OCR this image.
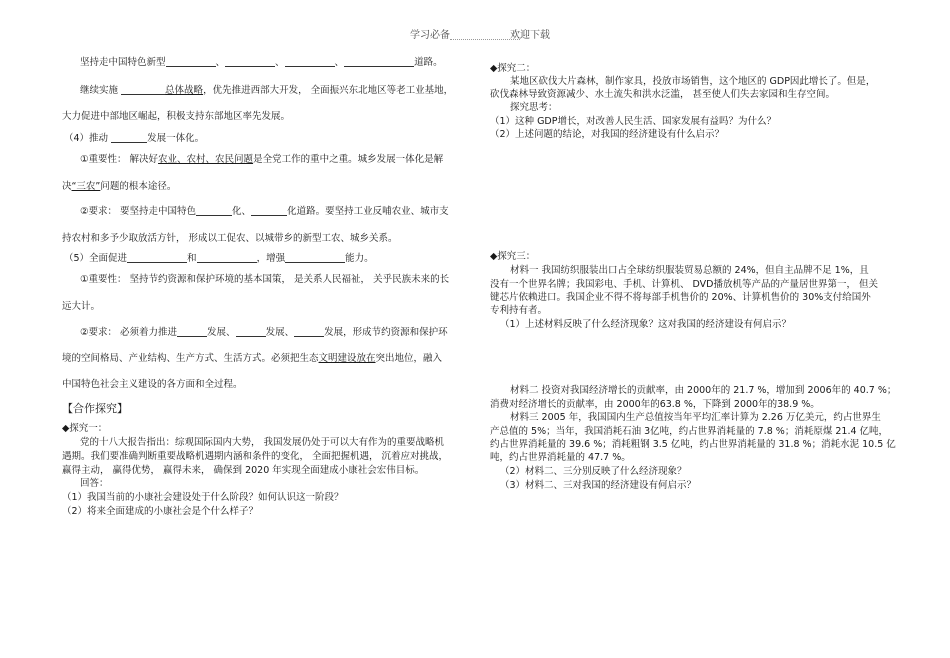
学习必备	欢迎下载
坚持走中国特色新型	、	、	、	道路。
继续实施	总体战略，优先推进西部大开发， 全面振兴东北地区等老工业基地，
大力促进中部地区崛起，积极支持东部地区率先发展。
（4）推动	发展一体化。
①重要性： 解决好农业、农村、农民问题是全党工作的重中之重。城乡发展一体化是解
决“三农”问题的根本途径。
②要求： 要坚持走中国特色	化、	化道路。要坚持工业反哺农业、城市支
持农村和多予少取放活方针， 形成以工促农、以城带乡的新型工农、城乡关系。
（5）全面促进	和	，增强	能力。
①重要性： 坚持节约资源和保护环境的基本国策， 是关系人民福祉， 关乎民族未来的长
远大计。
②要求： 必须着力推进	发展、	发展、	发展，形成节约资源和保护环
境的空间格局、产业结构、生产方式、生活方式。必须把生态文明建设放在突出地位，融入
中国特色社会主义建设的各方面和全过程。
【合作探究】
◆探究一：
党的十八大报告指出：综观国际国内大势， 我国发展仍处于可以大有作为的重要战略机
遇期。我们要准确判断重要战略机遇期内涵和条件的变化， 全面把握机遇， 沉着应对挑战，
赢得主动， 赢得优势， 赢得未来， 确保到 2020 年实现全面建成小康社会宏伟目标。
回答：
（1）我国当前的小康社会建设处于什么阶段？如何认识这一阶段？
（2）将来全面建成的小康社会是个什么样子？
◆探究二：
某地区砍伐大片森林，制作家具，投放市场销售，这个地区的 GDP因此增长了。但是，
砍伐森林导致资源减少、水土流失和洪水泛滥， 甚至使人们失去家园和生存空间。
探究思考：
（1）这种 GDP增长，对改善人民生活、国家发展有益吗？为什么？
（2）上述问题的结论，对我国的经济建设有什么启示？
◆探究三：
材料一 我国纺织服装出口占全球纺织服装贸易总额的 24%，但自主品牌不足 1%，且
没有一个世界名牌；我国彩电、手机、计算机、 DVD播放机等产品的产量居世界第一， 但关
键芯片依赖进口。我国企业不得不将每部手机售价的 20%、计算机售价的 30%支付给国外
专利持有者。
（1）上述材料反映了什么经济现象？这对我国的经济建设有何启示？
材料二 投资对我国经济增长的贡献率，由 2000年的 21.7 %，增加到 2006年的 40.7 %；
消费对经济增长的贡献率，由 2000年的63.8 %，下降到 2000年的38.9 %。
材料三 2005 年，我国国内生产总值按当年平均汇率计算为 2.26 万亿美元，约占世界生
产总值的 5%；当年，我国消耗石油 3亿吨，约占世界消耗量的 7.8 %；消耗原煤 21.4 亿吨，
约占世界消耗量的 39.6 %；消耗粗钢 3.5 亿吨，约占世界消耗量的 31.8 %；消耗水泥 10.5 亿
吨，约占世界消耗量的 47.7 %。
（2）材料二、三分别反映了什么经济现象？
（3）材料二、三对我国的经济建设有何启示？
